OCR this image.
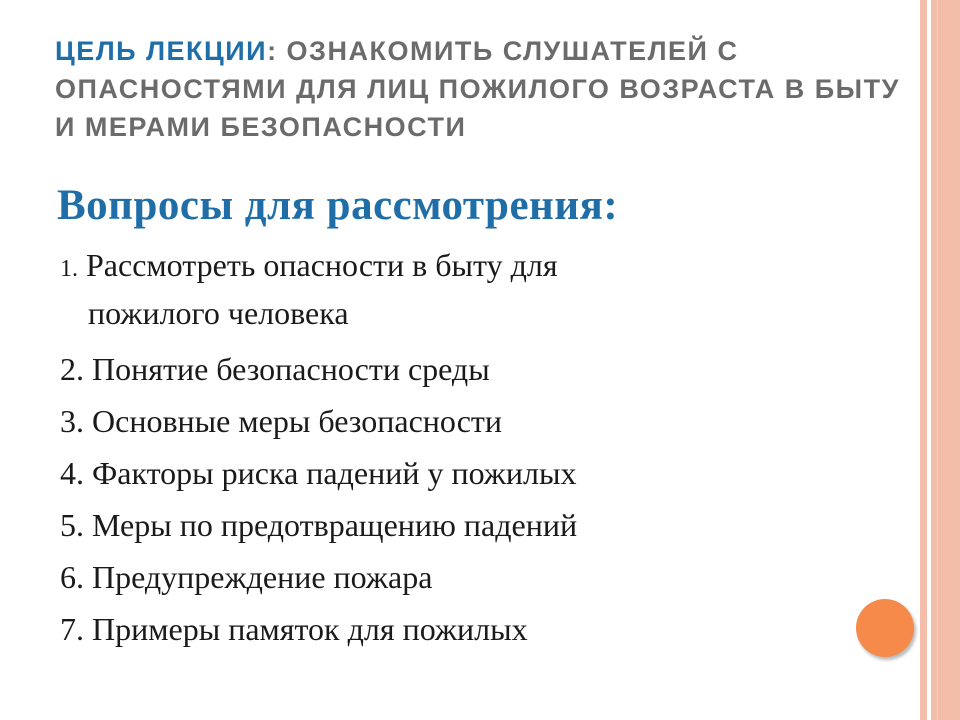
ЦЕЛЬ ЛЕКЦИИ: ОЗНАКОМИТЬ СЛУШАТЕЛЕЙ С ОПАСНОСТЯМИ ДЛЯ ЛИЦ ПОЖИЛОГО ВОЗРАСТА В БЫТУ И МЕРАМИ БЕЗОПАСНОСТИ
Вопросы для рассмотрения:
1. Рассмотреть опасности в быту для
пожилого человека
2. Понятие безопасности среды
3. Основные меры безопасности
4. Факторы риска падений у пожилых
5. Меры по предотвращению падений
6. Предупреждение пожара
7. Примеры памяток для пожилых
